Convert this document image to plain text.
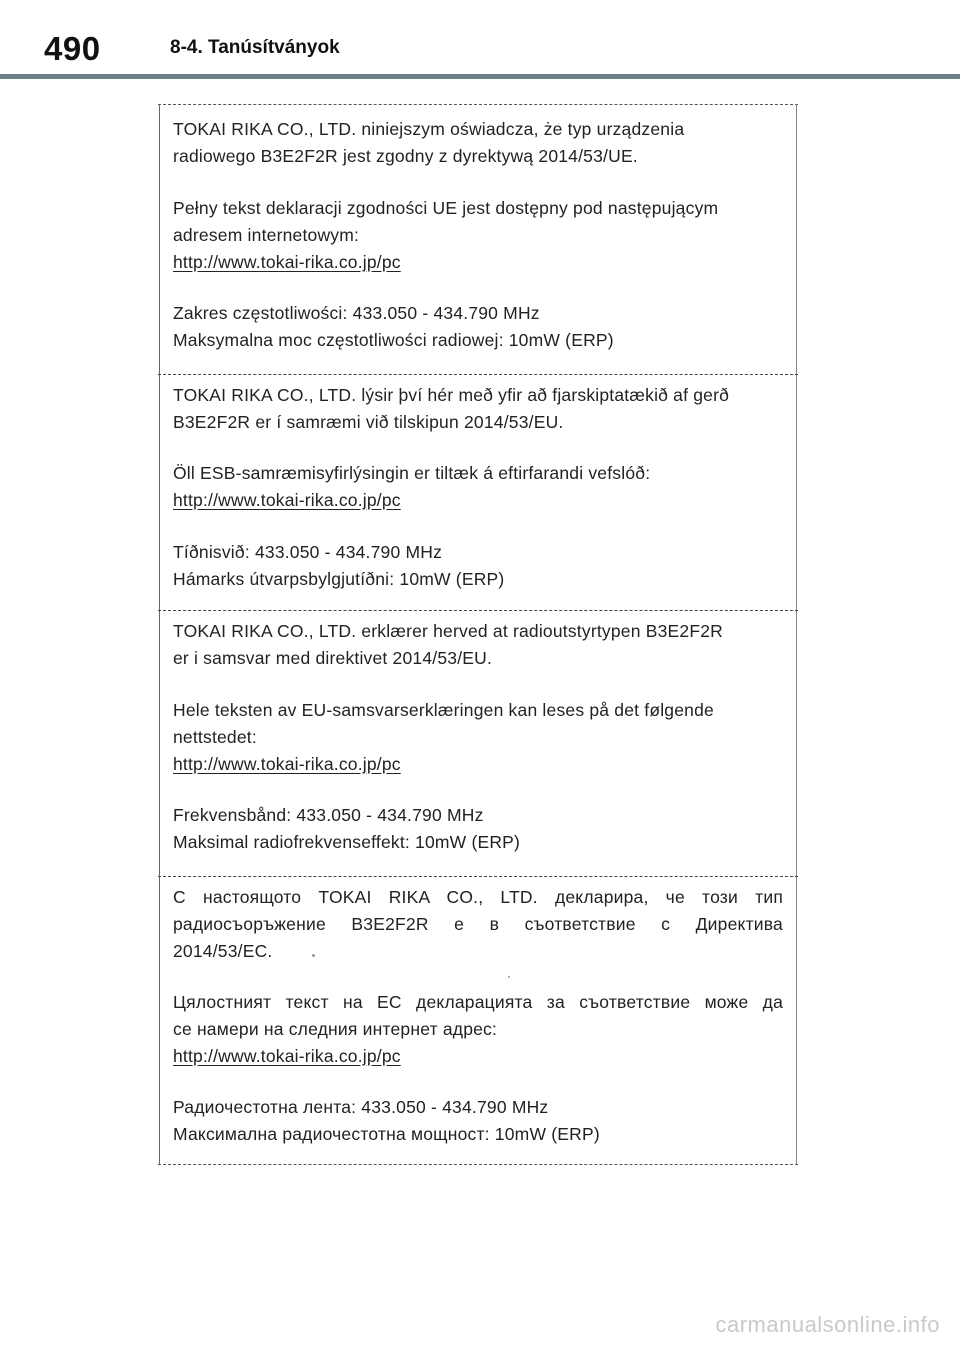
490	8-4. Tanúsítványok

TOKAI RIKA CO., LTD. niniejszym oświadcza, że typ urządzenia
radiowego B3E2F2R jest zgodny z dyrektywą 2014/53/UE.

Pełny tekst deklaracji zgodności UE jest dostępny pod następującym
adresem internetowym:
http://www.tokai-rika.co.jp/pc

Zakres częstotliwości: 433.050 - 434.790 MHz
Maksymalna moc częstotliwości radiowej: 10mW (ERP)

TOKAI RIKA CO., LTD. lýsir því hér með yfir að fjarskiptatækið af gerð
B3E2F2R er í samræmi við tilskipun 2014/53/EU.

Öll ESB-samræmisyfirlýsingin er tiltæk á eftirfarandi vefslóð:
http://www.tokai-rika.co.jp/pc

Tíðnisvið: 433.050 - 434.790 MHz
Hámarks útvarpsbylgjutíðni: 10mW (ERP)

TOKAI RIKA CO., LTD. erklærer herved at radioutstyrtypen B3E2F2R
er i samsvar med direktivet 2014/53/EU.

Hele teksten av EU-samsvarserklæringen kan leses på det følgende
nettstedet:
http://www.tokai-rika.co.jp/pc

Frekvensbånd: 433.050 - 434.790 MHz
Maksimal radiofrekvenseffekt: 10mW (ERP)

С настоящото TOKAI RIKA CO., LTD. декларира, че този тип
радиосъоръжение B3E2F2R е в съответствие с Директива
2014/53/ЕС.

Цялостният текст на ЕС декларацията за съответствие може да
се намери на следния интернет адрес:
http://www.tokai-rika.co.jp/pc

Радиочестотна лента: 433.050 - 434.790 MHz
Максимална радиочестотна мощност: 10mW (ERP)

carmanualsonline.info
